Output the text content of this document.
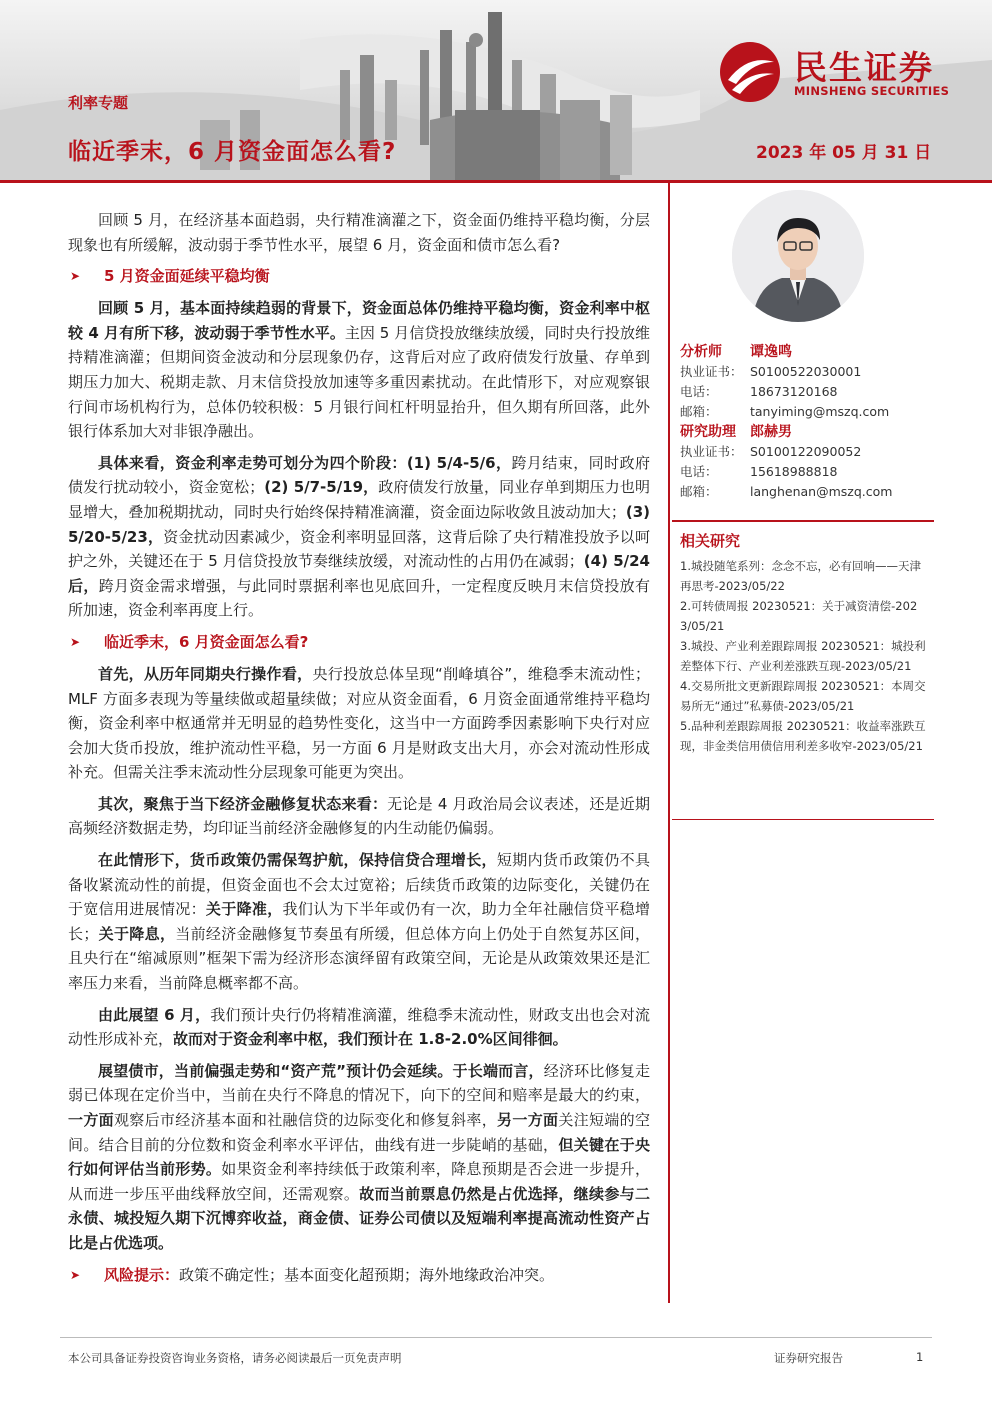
民生证券
MINSHENG SECURITIES
利率专题
临近季末，6 月资金面怎么看?	2023 年 05 月 31 日

回顾 5 月，在经济基本面趋弱，央行精准滴灌之下，资金面仍维持平稳均衡，分层现象也有所缓解，波动弱于季节性水平，展望 6 月，资金面和债市怎么看?

➤	5 月资金面延续平稳均衡

回顾 5 月，基本面持续趋弱的背景下，资金面总体仍维持平稳均衡，资金利率中枢较 4 月有所下移，波动弱于季节性水平。主因 5 月信贷投放继续放缓，同时央行投放维持精准滴灌；但期间资金波动和分层现象仍存，这背后对应了政府债发行放量、存单到期压力加大、税期走款、月末信贷投放加速等多重因素扰动。在此情形下，对应观察银行间市场机构行为，总体仍较积极：5 月银行间杠杆明显抬升，但久期有所回落，此外银行体系加大对非银净融出。

具体来看，资金利率走势可划分为四个阶段：(1) 5/4-5/6，跨月结束，同时政府债发行扰动较小，资金宽松；(2) 5/7-5/19，政府债发行放量，同业存单到期压力也明显增大，叠加税期扰动，同时央行始终保持精准滴灌，资金面边际收敛且波动加大；(3) 5/20-5/23，资金扰动因素减少，资金利率明显回落，这背后除了央行精准投放予以呵护之外，关键还在于 5 月信贷投放节奏继续放缓，对流动性的占用仍在减弱；(4) 5/24 后，跨月资金需求增强，与此同时票据利率也见底回升，一定程度反映月末信贷投放有所加速，资金利率再度上行。

➤	临近季末，6 月资金面怎么看?

首先，从历年同期央行操作看，央行投放总体呈现“削峰填谷”，维稳季末流动性；MLF 方面多表现为等量续做或超量续做；对应从资金面看，6 月资金面通常维持平稳均衡，资金利率中枢通常并无明显的趋势性变化，这当中一方面跨季因素影响下央行对应会加大货币投放，维护流动性平稳，另一方面 6 月是财政支出大月，亦会对流动性形成补充。但需关注季末流动性分层现象可能更为突出。

其次，聚焦于当下经济金融修复状态来看：无论是 4 月政治局会议表述，还是近期高频经济数据走势，均印证当前经济金融修复的内生动能仍偏弱。

在此情形下，货币政策仍需保驾护航，保持信贷合理增长，短期内货币政策仍不具备收紧流动性的前提，但资金面也不会太过宽裕；后续货币政策的边际变化，关键仍在于宽信用进展情况：关于降准，我们认为下半年或仍有一次，助力全年社融信贷平稳增长；关于降息，当前经济金融修复节奏虽有所缓，但总体方向上仍处于自然复苏区间，且央行在“缩减原则”框架下需为经济形态演绎留有政策空间，无论是从政策效果还是汇率压力来看，当前降息概率都不高。

由此展望 6 月，我们预计央行仍将精准滴灌，维稳季末流动性，财政支出也会对流动性形成补充，故而对于资金利率中枢，我们预计在 1.8-2.0%区间徘徊。

展望债市，当前偏强走势和“资产荒”预计仍会延续。于长端而言，经济环比修复走弱已体现在定价当中，当前在央行不降息的情况下，向下的空间和赔率是最大的约束，一方面观察后市经济基本面和社融信贷的边际变化和修复斜率，另一方面关注短端的空间。结合目前的分位数和资金利率水平评估，曲线有进一步陡峭的基础，但关键在于央行如何评估当前形势。如果资金利率持续低于政策利率，降息预期是否会进一步提升，从而进一步压平曲线释放空间，还需观察。故而当前票息仍然是占优选择，继续参与二永债、城投短久期下沉博弈收益，商金债、证券公司债以及短端利率提高流动性资产占比是占优选项。

➤	风险提示： 政策不确定性；基本面变化超预期；海外地缘政治冲突。
分析师	谭逸鸣
执业证书： S0100522030001
电话：	18673120168
邮箱：	tanyiming@mszq.com
研究助理	郎赫男
执业证书： S0100122090052
电话：	15618988818
邮箱：	langhenan@mszq.com
相关研究
1.城投随笔系列：念念不忘，必有回响——天津再思考-2023/05/22
2.可转债周报 20230521：关于减资清偿-2023/05/21
3.城投、产业利差跟踪周报 20230521：城投利差整体下行、产业利差涨跌互现-2023/05/21
4.交易所批文更新跟踪周报 20230521：本周交易所无“通过”私募债-2023/05/21
5.品种利差跟踪周报 20230521：收益率涨跌互现，非金类信用债信用利差多收窄-2023/05/21
本公司具备证券投资咨询业务资格，请务必阅读最后一页免责声明	证券研究报告	1
